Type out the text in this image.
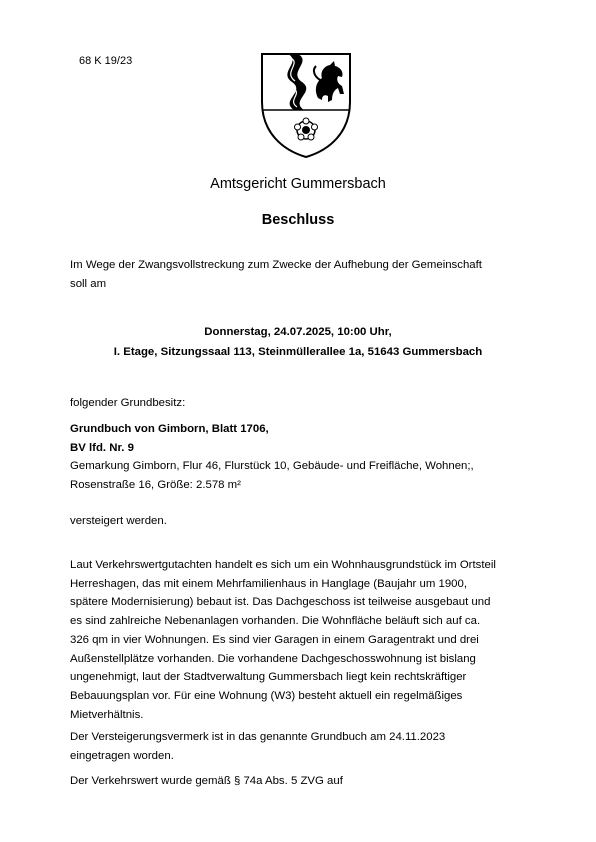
68 K 19/23
Amtsgericht Gummersbach
Beschluss
Im Wege der Zwangsvollstreckung zum Zwecke der Aufhebung der Gemeinschaft
soll am
Donnerstag, 24.07.2025, 10:00 Uhr,
I. Etage, Sitzungssaal 113, Steinmüllerallee 1a, 51643 Gummersbach
folgender Grundbesitz:
Grundbuch von Gimborn, Blatt 1706,
BV lfd. Nr. 9
Gemarkung Gimborn, Flur 46, Flurstück 10, Gebäude- und Freifläche, Wohnen;,
Rosenstraße 16, Größe: 2.578 m²
versteigert werden.
Laut Verkehrswertgutachten handelt es sich um ein Wohnhausgrundstück im Ortsteil
Herreshagen, das mit einem Mehrfamilienhaus in Hanglage (Baujahr um 1900,
spätere Modernisierung) bebaut ist. Das Dachgeschoss ist teilweise ausgebaut und
es sind zahlreiche Nebenanlagen vorhanden. Die Wohnfläche beläuft sich auf ca.
326 qm in vier Wohnungen. Es sind vier Garagen in einem Garagentrakt und drei
Außenstellplätze vorhanden. Die vorhandene Dachgeschosswohnung ist bislang
ungenehmigt, laut der Stadtverwaltung Gummersbach liegt kein rechtskräftiger
Bebauungsplan vor. Für eine Wohnung (W3) besteht aktuell ein regelmäßiges
Mietverhältnis.
Der Versteigerungsvermerk ist in das genannte Grundbuch am 24.11.2023
eingetragen worden.
Der Verkehrswert wurde gemäß § 74a Abs. 5 ZVG auf
